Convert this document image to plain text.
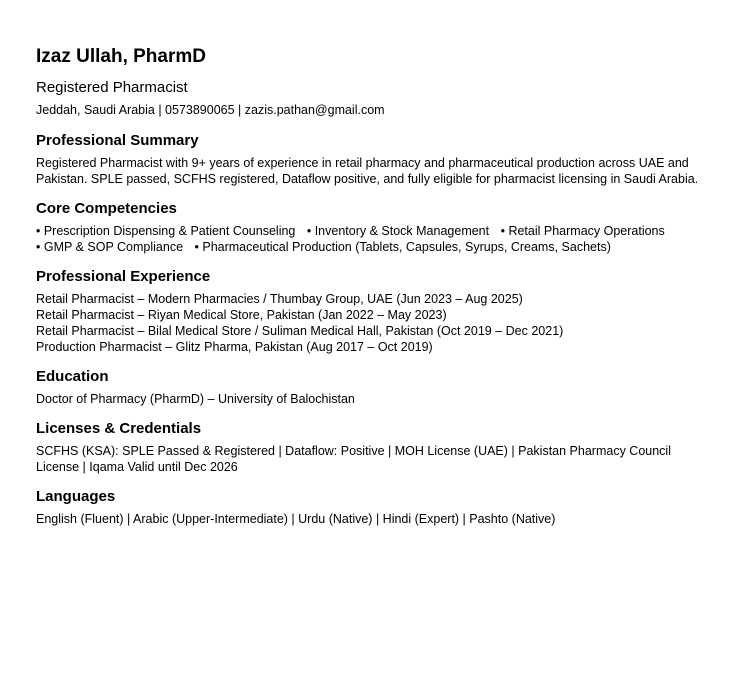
Izaz Ullah, PharmD
Registered Pharmacist
Jeddah, Saudi Arabia | 0573890065 | zazis.pathan@gmail.com
Professional Summary

Registered Pharmacist with 9+ years of experience in retail pharmacy and pharmaceutical production across UAE and Pakistan. SPLE passed, SCFHS registered, Dataflow positive, and fully eligible for pharmacist licensing in Saudi Arabia.

Core Competencies
• Prescription Dispensing & Patient Counseling • Inventory & Stock Management • Retail Pharmacy Operations
• GMP & SOP Compliance • Pharmaceutical Production (Tablets, Capsules, Syrups, Creams, Sachets)
Professional Experience
Retail Pharmacist – Modern Pharmacies / Thumbay Group, UAE (Jun 2023 – Aug 2025)
Retail Pharmacist – Riyan Medical Store, Pakistan (Jan 2022 – May 2023)
Retail Pharmacist – Bilal Medical Store / Suliman Medical Hall, Pakistan (Oct 2019 – Dec 2021)
Production Pharmacist – Glitz Pharma, Pakistan (Aug 2017 – Oct 2019)
Education
Doctor of Pharmacy (PharmD) – University of Balochistan
Licenses & Credentials

SCFHS (KSA): SPLE Passed & Registered | Dataflow: Positive | MOH License (UAE) | Pakistan Pharmacy Council License | Iqama Valid until Dec 2026

Languages
English (Fluent) | Arabic (Upper-Intermediate) | Urdu (Native) | Hindi (Expert) | Pashto (Native)
